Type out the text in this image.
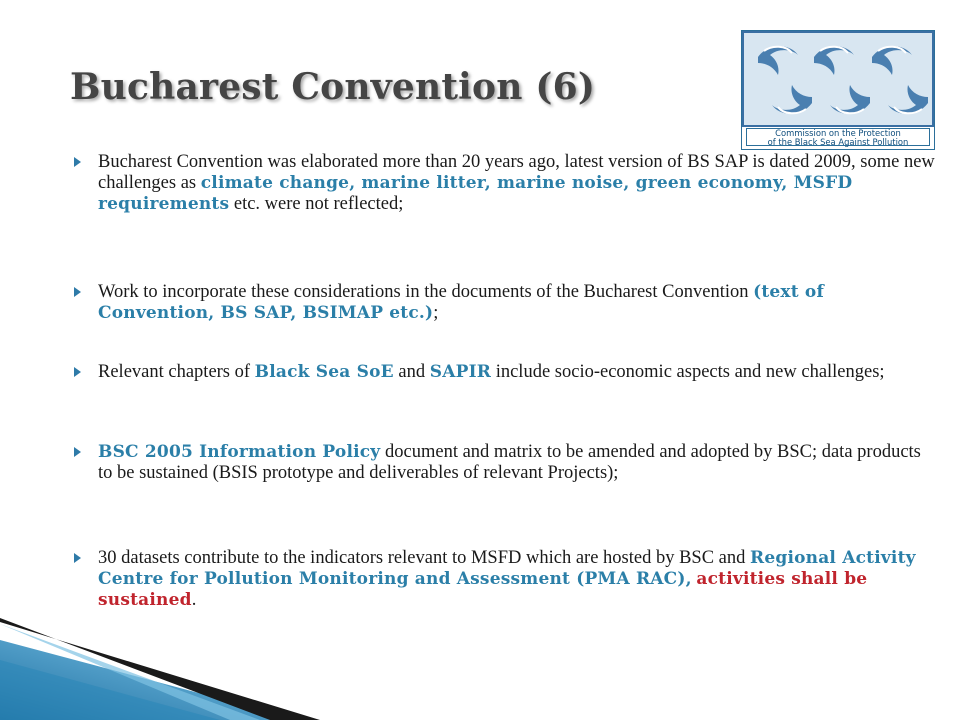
Bucharest Convention (6)
Commission on the Protection
of the Black Sea Against Pollution
Bucharest Convention was elaborated more than 20 years ago, latest version of BS SAP is dated 2009, some new challenges as climate change, marine litter, marine noise, green economy, MSFD requirements etc. were not reflected;
Work to incorporate these considerations in the documents of the Bucharest Convention (text of Convention, BS SAP, BSIMAP etc.);
Relevant chapters of Black Sea SoE and SAPIR include socio-economic aspects and new challenges;
BSC 2005 Information Policy document and matrix to be amended and adopted by BSC; data products to be sustained (BSIS prototype and deliverables of relevant Projects);
30 datasets contribute to the indicators relevant to MSFD which are hosted by BSC and Regional Activity Centre for Pollution Monitoring and Assessment (PMA RAC), activities shall be sustained.
